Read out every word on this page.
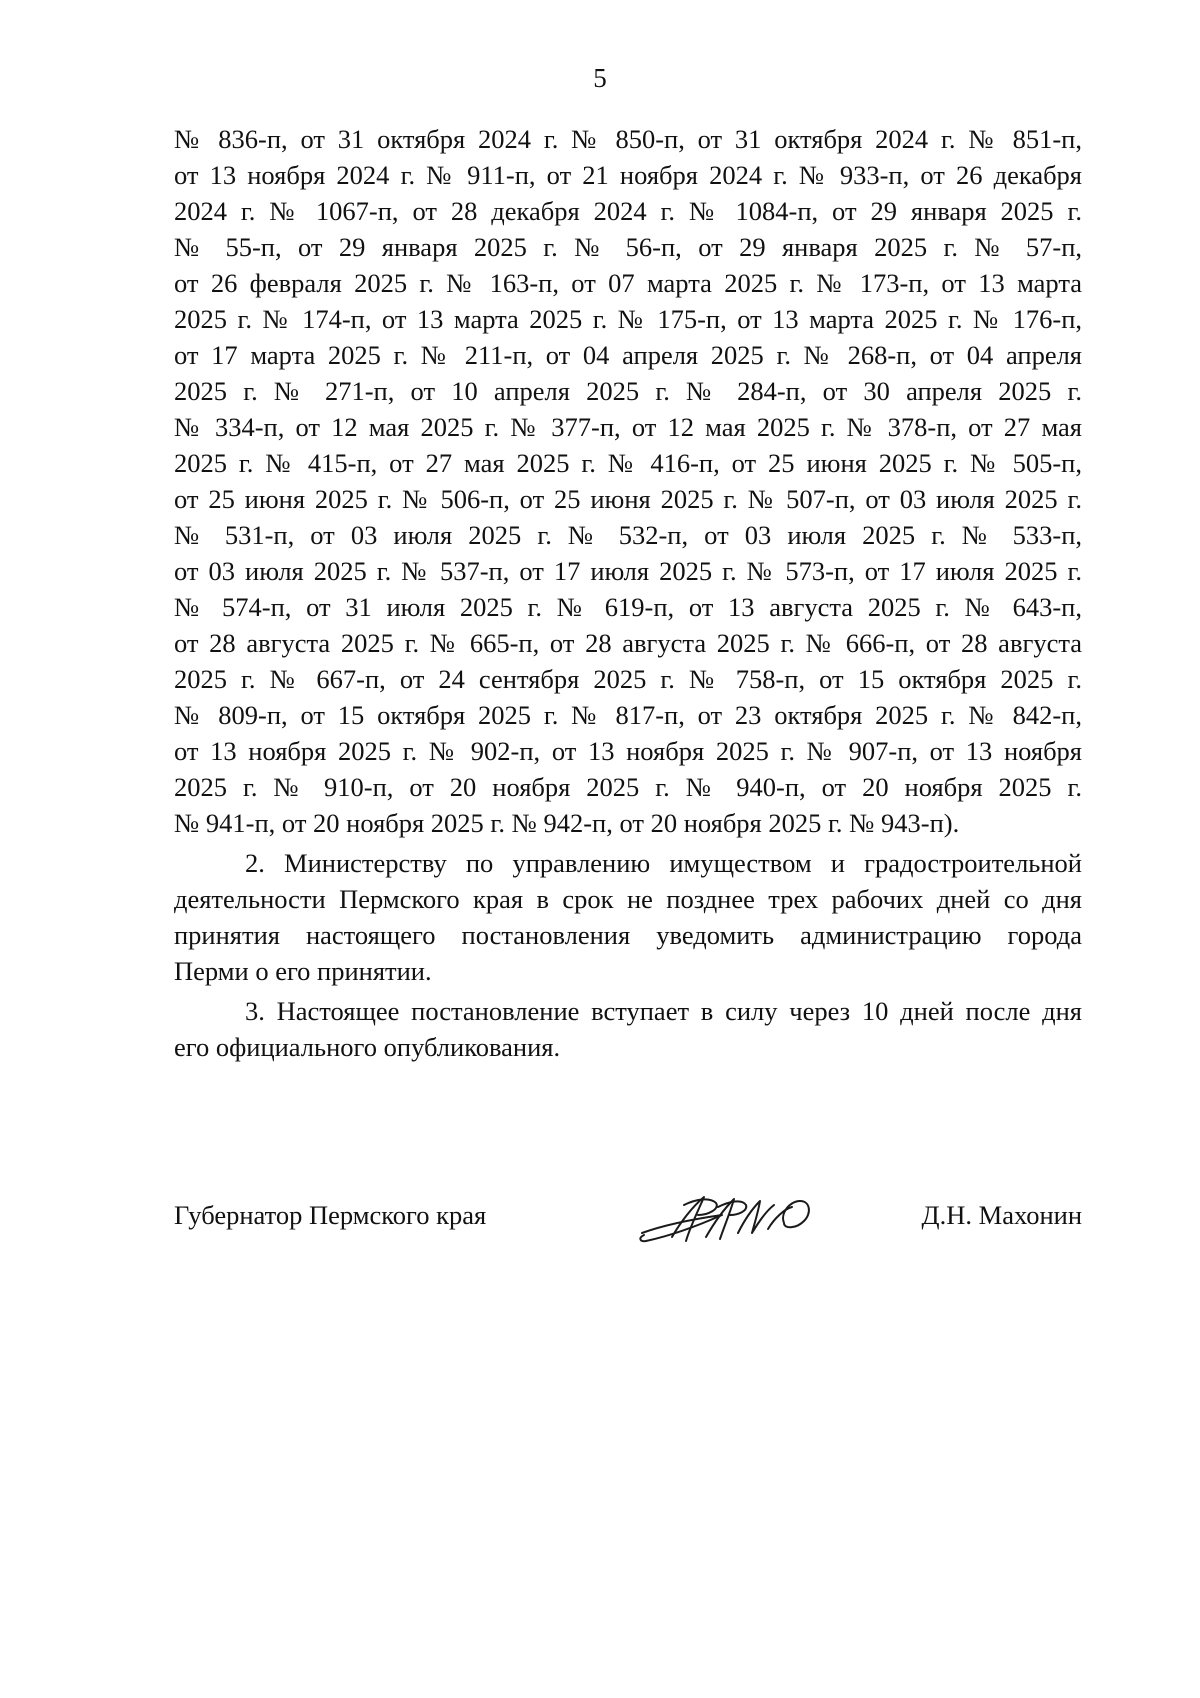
5
№ 836-п, от 31 октября 2024 г. № 850-п, от 31 октября 2024 г. № 851-п,
от 13 ноября 2024 г. № 911-п, от 21 ноября 2024 г. № 933-п, от 26 декабря
2024 г. № 1067-п, от 28 декабря 2024 г. № 1084-п, от 29 января 2025 г.
№ 55-п, от 29 января 2025 г. № 56-п, от 29 января 2025 г. № 57-п,
от 26 февраля 2025 г. № 163-п, от 07 марта 2025 г. № 173-п, от 13 марта
2025 г. № 174-п, от 13 марта 2025 г. № 175-п, от 13 марта 2025 г. № 176-п,
от 17 марта 2025 г. № 211-п, от 04 апреля 2025 г. № 268-п, от 04 апреля
2025 г. № 271-п, от 10 апреля 2025 г. № 284-п, от 30 апреля 2025 г.
№ 334-п, от 12 мая 2025 г. № 377-п, от 12 мая 2025 г. № 378-п, от 27 мая
2025 г. № 415-п, от 27 мая 2025 г. № 416-п, от 25 июня 2025 г. № 505-п,
от 25 июня 2025 г. № 506-п, от 25 июня 2025 г. № 507-п, от 03 июля 2025 г.
№ 531-п, от 03 июля 2025 г. № 532-п, от 03 июля 2025 г. № 533-п,
от 03 июля 2025 г. № 537-п, от 17 июля 2025 г. № 573-п, от 17 июля 2025 г.
№ 574-п, от 31 июля 2025 г. № 619-п, от 13 августа 2025 г. № 643-п,
от 28 августа 2025 г. № 665-п, от 28 августа 2025 г. № 666-п, от 28 августа
2025 г. № 667-п, от 24 сентября 2025 г. № 758-п, от 15 октября 2025 г.
№ 809-п, от 15 октября 2025 г. № 817-п, от 23 октября 2025 г. № 842-п,
от 13 ноября 2025 г. № 902-п, от 13 ноября 2025 г. № 907-п, от 13 ноября
2025 г. № 910-п, от 20 ноября 2025 г. № 940-п, от 20 ноября 2025 г.
№ 941-п, от 20 ноября 2025 г. № 942-п, от 20 ноября 2025 г. № 943-п).
2. Министерству по управлению имуществом и градостроительной
деятельности Пермского края в срок не позднее трех рабочих дней со дня
принятия настоящего постановления уведомить администрацию города
Перми о его принятии.
3. Настоящее постановление вступает в силу через 10 дней после дня
его официального опубликования.
Губернатор Пермского края	Д.Н. Махонин
